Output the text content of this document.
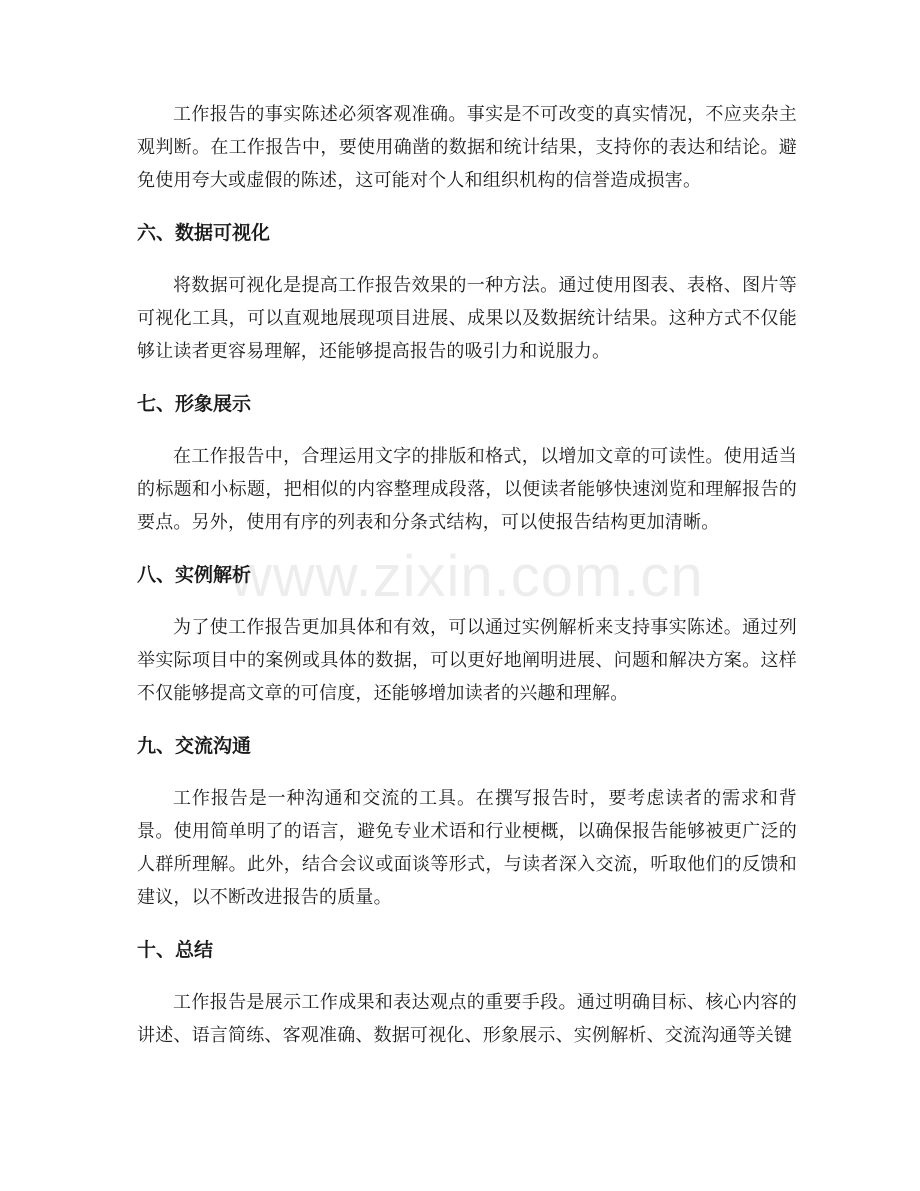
工作报告的事实陈述必须客观准确。事实是不可改变的真实情况，不应夹杂主观判断。在工作报告中，要使用确凿的数据和统计结果，支持你的表达和结论。避免使用夸大或虚假的陈述，这可能对个人和组织机构的信誉造成损害。

六、数据可视化

将数据可视化是提高工作报告效果的一种方法。通过使用图表、表格、图片等可视化工具，可以直观地展现项目进展、成果以及数据统计结果。这种方式不仅能够让读者更容易理解，还能够提高报告的吸引力和说服力。

七、形象展示

在工作报告中，合理运用文字的排版和格式，以增加文章的可读性。使用适当的标题和小标题，把相似的内容整理成段落，以便读者能够快速浏览和理解报告的要点。另外，使用有序的列表和分条式结构，可以使报告结构更加清晰。

八、实例解析

为了使工作报告更加具体和有效，可以通过实例解析来支持事实陈述。通过列举实际项目中的案例或具体的数据，可以更好地阐明进展、问题和解决方案。这样不仅能够提高文章的可信度，还能够增加读者的兴趣和理解。

九、交流沟通

工作报告是一种沟通和交流的工具。在撰写报告时，要考虑读者的需求和背景。使用简单明了的语言，避免专业术语和行业梗概，以确保报告能够被更广泛的人群所理解。此外，结合会议或面谈等形式，与读者深入交流，听取他们的反馈和建议，以不断改进报告的质量。

十、总结

工作报告是展示工作成果和表达观点的重要手段。通过明确目标、核心内容的讲述、语言简练、客观准确、数据可视化、形象展示、实例解析、交流沟通等关键

www.zixin.com.cn
